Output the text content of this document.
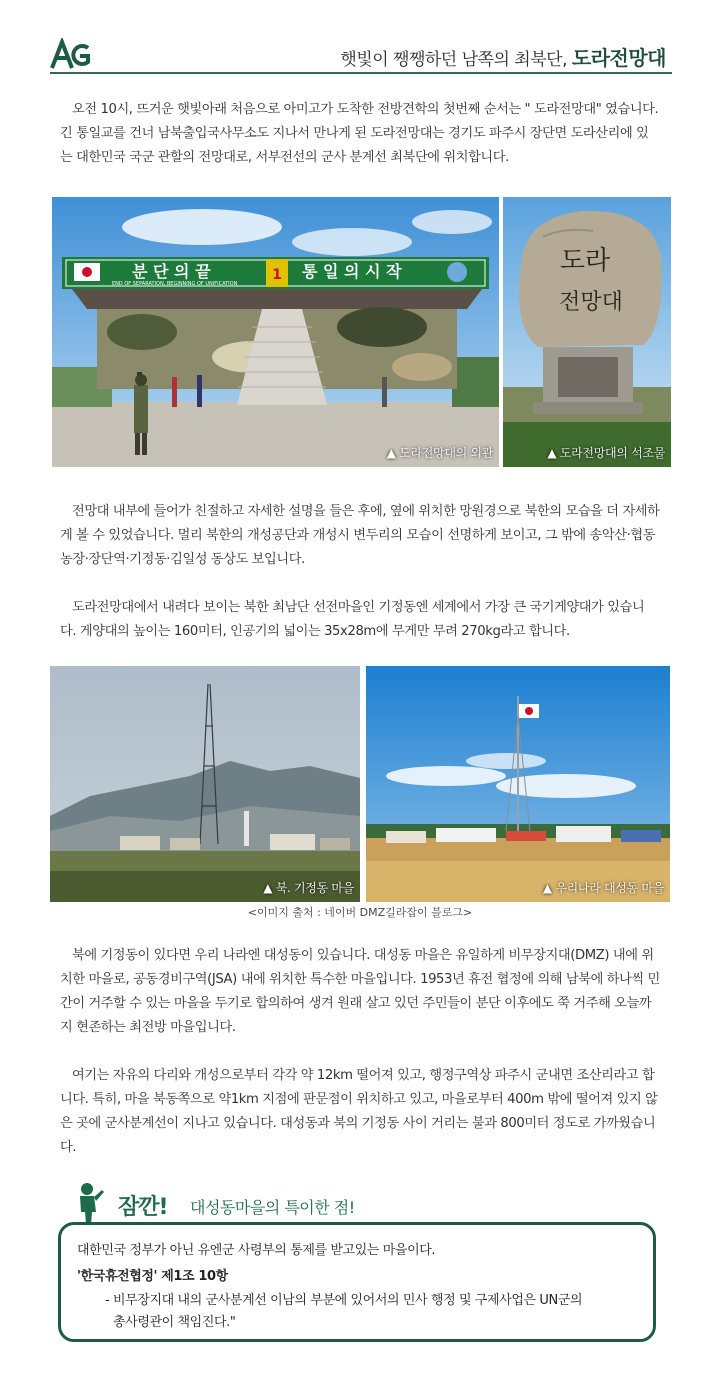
햇빛이 쨍쨍하던 남쪽의 최북단, 도라전망대

오전 10시, 뜨거운 햇빛아래 처음으로 아미고가 도착한 전방견학의 첫번째 순서는 " 도라전망대" 였습니다. 긴 통일교를 건너 남북출입국사무소도 지나서 만나게 된 도라전망대는 경기도 파주시 장단면 도라산리에 있는 대한민국 국군 관할의 전망대로, 서부전선의 군사 분계선 최북단에 위치합니다.

분 단 의 끝	통 일 의 시 작
1
END OF SEPARATION, BEGINNING OF UNIFICATION
▲ 도라전망대의 외관
도라
전망대
▲ 도라전망대의 석조물

전망대 내부에 들어가 친절하고 자세한 설명을 들은 후에, 옆에 위치한 망원경으로 북한의 모습을 더 자세하게 볼 수 있었습니다. 멀리 북한의 개성공단과 개성시 변두리의 모습이 선명하게 보이고, 그 밖에 송악산·협동농장·장단역·기정동·김일성 동상도 보입니다.

도라전망대에서 내려다 보이는 북한 최남단 선전마을인 기정동엔 세계에서 가장 큰 국기게양대가 있습니다. 게양대의 높이는 160미터, 인공기의 넓이는 35x28m에 무게만 무려 270kg라고 합니다.

▲ 북. 기정동 마을	▲ 우리나라 대성동 마을
<이미지 출처 : 네이버 DMZ길라잡이 블로그>

북에 기정동이 있다면 우리 나라엔 대성동이 있습니다. 대성동 마을은 유일하게 비무장지대(DMZ) 내에 위치한 마을로, 공동경비구역(JSA) 내에 위치한 특수한 마을입니다. 1953년 휴전 협정에 의해 남북에 하나씩 민간이 거주할 수 있는 마을을 두기로 합의하여 생겨 원래 살고 있던 주민들이 분단 이후에도 쭉 거주해 오늘까지 현존하는 최전방 마을입니다.

여기는 자유의 다리와 개성으로부터 각각 약 12km 떨어져 있고, 행정구역상 파주시 군내면 조산리라고 합니다. 특히, 마을 북동쪽으로 약1km 지점에 판문점이 위치하고 있고, 마을로부터 400m 밖에 떨어져 있지 않은 곳에 군사분계선이 지나고 있습니다. 대성동과 북의 기정동 사이 거리는 불과 800미터 정도로 가까웠습니다.

잠깐! 대성동마을의 특이한 점!
대한민국 정부가 아닌 유엔군 사령부의 통제를 받고있는 마을이다.
'한국휴전협정' 제1조 10항
- 비무장지대 내의 군사분계선 이남의 부분에 있어서의 민사 행정 및 구제사업은 UN군의
총사령관이 책임진다."
